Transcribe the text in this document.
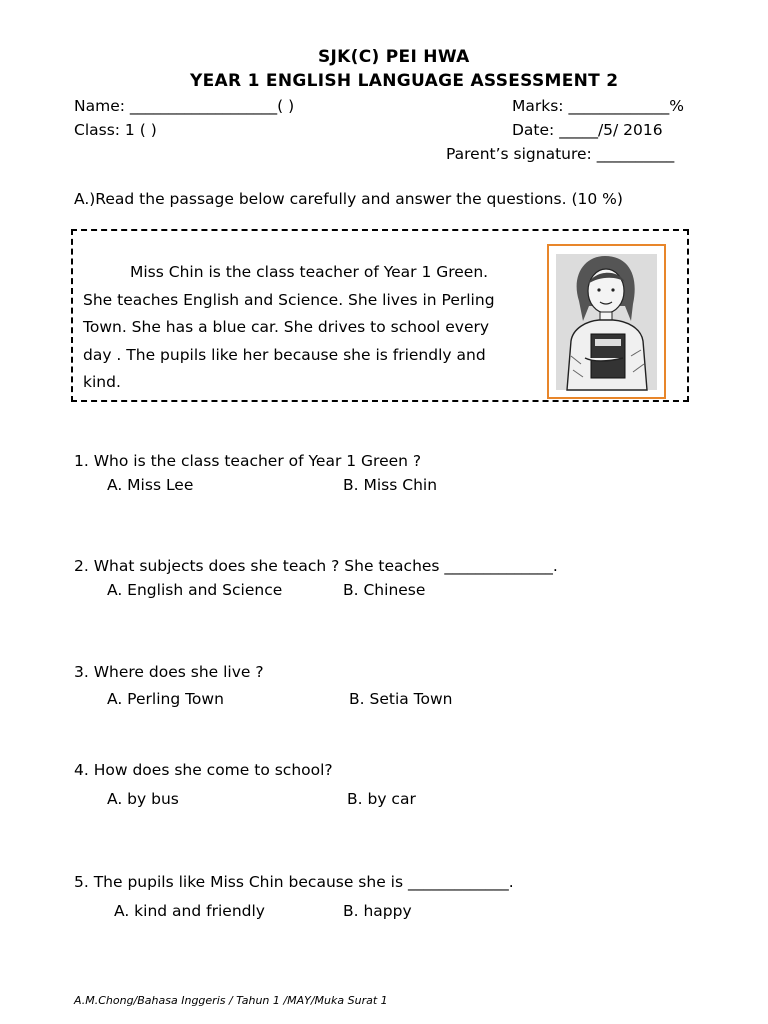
SJK(C) PEI HWA
YEAR 1 ENGLISH LANGUAGE ASSESSMENT 2
Name: ___________________( )	Marks: _____________%
Class: 1 ( )	Date: _____/5/ 2016
Parent’s signature: __________
A.)Read the passage below carefully and answer the questions. (10 %)
Miss Chin is the class teacher of Year 1 Green.
She teaches English and Science. She lives in Perling
Town. She has a blue car. She drives to school every
day . The pupils like her because she is friendly and
kind.
1. Who is the class teacher of Year 1 Green ?
A. Miss Lee	B. Miss Chin
2. What subjects does she teach ? She teaches ______________.
A. English and Science	B. Chinese
3. Where does she live ?
A. Perling Town	B. Setia Town
4. How does she come to school?
A. by bus	B. by car
5. The pupils like Miss Chin because she is _____________.
A. kind and friendly	B. happy
A.M.Chong/Bahasa Inggeris / Tahun 1 /MAY/Muka Surat 1
